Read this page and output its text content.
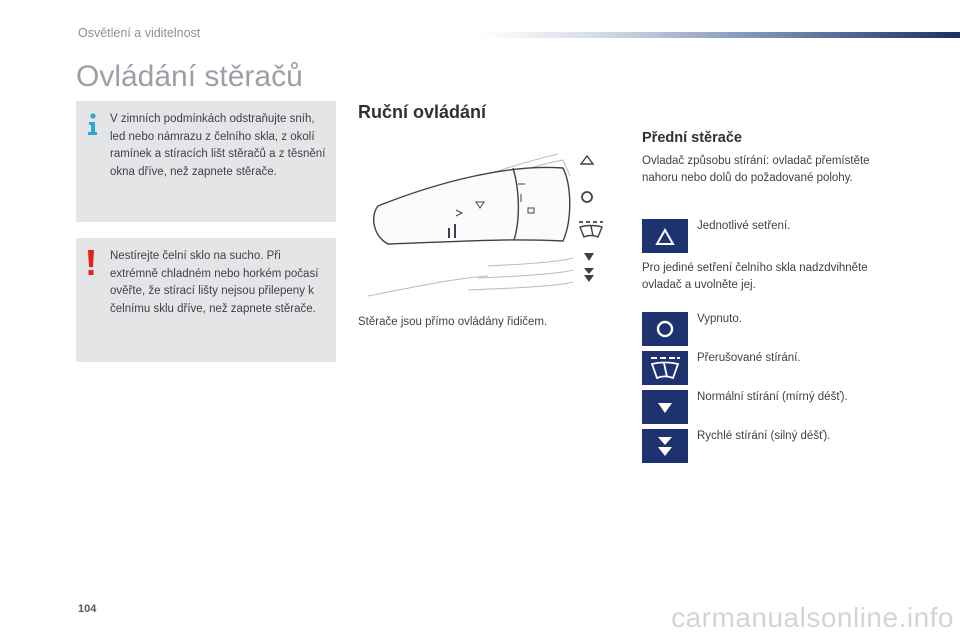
Osvětlení a viditelnost
Ovládání stěračů
V zimních podmínkách odstraňujte sníh, led nebo námrazu z čelního skla, z okolí ramínek a stíracích lišt stěračů a z těsnění okna dříve, než zapnete stěrače.
Nestírejte čelní sklo na sucho. Při extrémně chladném nebo horkém počasí ověřte, že stírací lišty nejsou přilepeny k čelnímu sklu dříve, než zapnete stěrače.
Ruční ovládání
Stěrače jsou přímo ovládány řidičem.
Přední stěrače
Ovladač způsobu stírání: ovladač přemístěte nahoru nebo dolů do požadované polohy.
Jednotlivé setření.
Pro jediné setření čelního skla nadzdvihněte ovladač a uvolněte jej.
Vypnuto.
Přerušované stírání.
Normální stírání (mírný déšť).
Rychlé stírání (silný déšť).
104	carmanualsonline.info
